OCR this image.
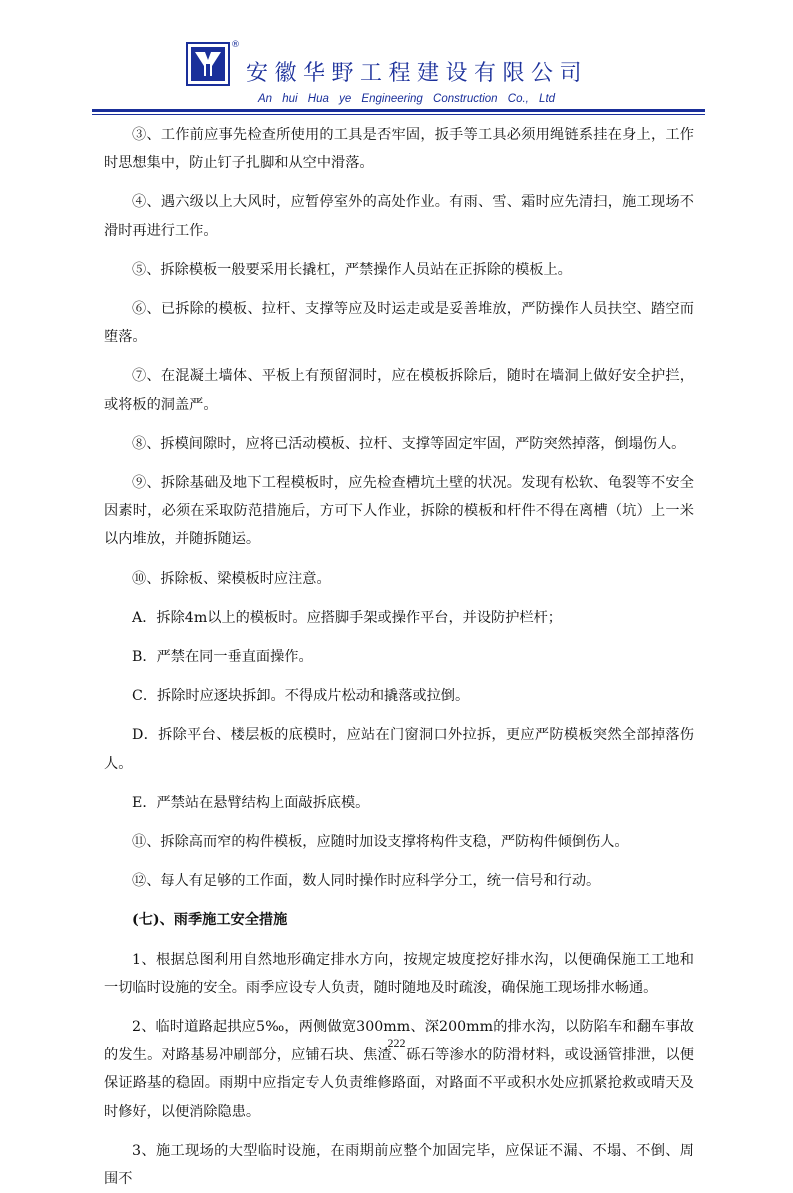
®
安徽华野工程建设有限公司
An hui Hua ye Engineering Construction Co., Ltd

③、工作前应事先检查所使用的工具是否牢固，扳手等工具必须用绳链系挂在身上，工作时思想集中，防止钉子扎脚和从空中滑落。

④、遇六级以上大风时，应暂停室外的高处作业。有雨、雪、霜时应先清扫，施工现场不滑时再进行工作。

⑤、拆除模板一般要采用长撬杠，严禁操作人员站在正拆除的模板上。

⑥、已拆除的模板、拉杆、支撑等应及时运走或是妥善堆放，严防操作人员扶空、踏空而堕落。

⑦、在混凝土墙体、平板上有预留洞时，应在模板拆除后，随时在墙洞上做好安全护拦，或将板的洞盖严。

⑧、拆模间隙时，应将已活动模板、拉杆、支撑等固定牢固，严防突然掉落，倒塌伤人。

⑨、拆除基础及地下工程模板时，应先检查槽坑土壁的状况。发现有松软、龟裂等不安全因素时，必须在采取防范措施后，方可下人作业，拆除的模板和杆件不得在离槽（坑）上一米以内堆放，并随拆随运。

⑩、拆除板、梁模板时应注意。

A．拆除4m以上的模板时。应搭脚手架或操作平台，并设防护栏杆；

B．严禁在同一垂直面操作。

C．拆除时应逐块拆卸。不得成片松动和撬落或拉倒。

D．拆除平台、楼层板的底模时，应站在门窗洞口外拉拆，更应严防模板突然全部掉落伤人。

E．严禁站在悬臂结构上面敲拆底模。

⑪、拆除高而窄的构件模板，应随时加设支撑将构件支稳，严防构件倾倒伤人。

⑫、每人有足够的工作面，数人同时操作时应科学分工，统一信号和行动。

(七)、雨季施工安全措施

1、根据总图利用自然地形确定排水方向，按规定坡度挖好排水沟，以便确保施工工地和一切临时设施的安全。雨季应设专人负责，随时随地及时疏浚，确保施工现场排水畅通。

2、临时道路起拱应5‰，两侧做宽300mm、深200mm的排水沟，以防陷车和翻车事故的发生。对路基易冲刷部分，应铺石块、焦渣、砾石等渗水的防滑材料，或设涵管排泄，以便保证路基的稳固。雨期中应指定专人负责维修路面，对路面不平或积水处应抓紧抢救或晴天及时修好，以便消除隐患。

3、施工现场的大型临时设施，在雨期前应整个加固完毕，应保证不漏、不塌、不倒、周围不

222
